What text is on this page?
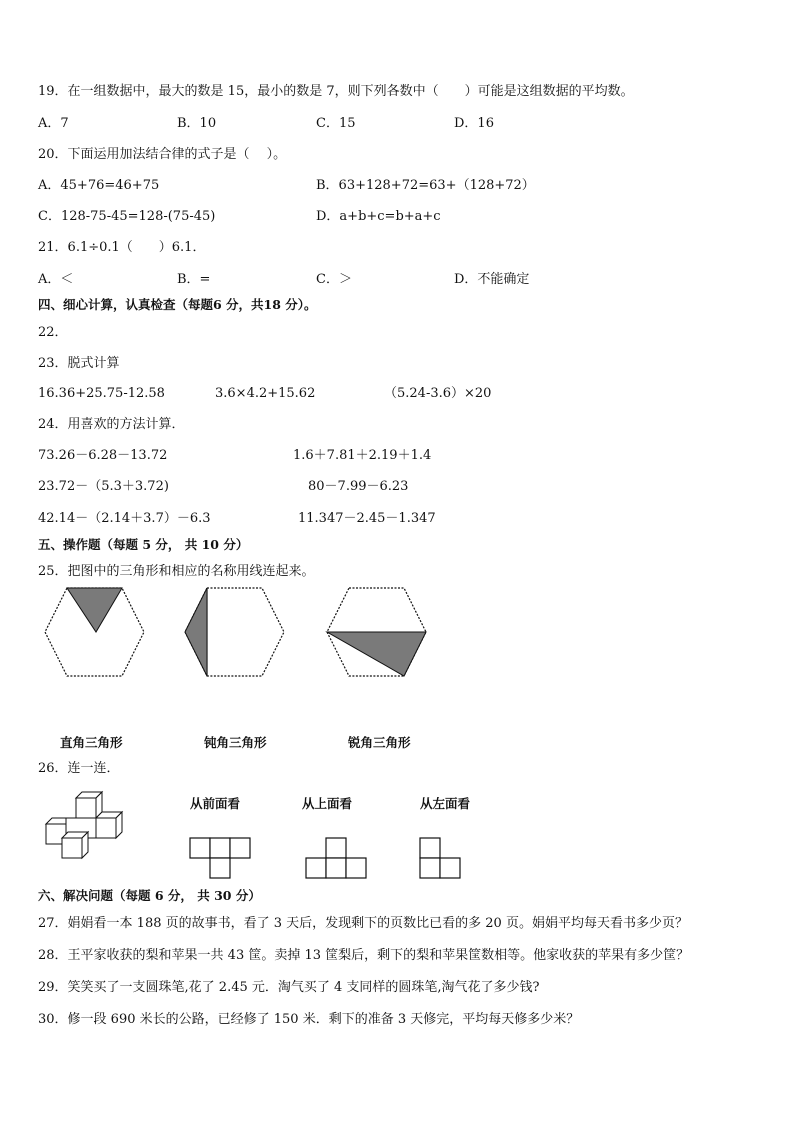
19．在一组数据中，最大的数是 15，最小的数是 7，则下列各数中（　　）可能是这组数据的平均数。
A．7	B．10	C．15	D．16
20．下面运用加法结合律的式子是（　 ）。
A．45+76=46+75	B．63+128+72=63+（128+72）
C．128-75-45=128-(75-45)	D．a+b+c=b+a+c
21．6.1÷0.1（　　）6.1．
A．＜	B．=	C．＞	D．不能确定
四、细心计算，认真检查（每题6 分，共18 分）。
22．
23．脱式计算
16.36+25.75-12.58	3.6×4.2+15.62	（5.24-3.6）×20
24．用喜欢的方法计算．
73.26－6.28－13.72	1.6＋7.81＋2.19＋1.4
23.72－（5.3＋3.72)	80－7.99－6.23
42.14－（2.14＋3.7）－6.3	11.347－2.45－1.347
五、操作题（每题 5 分， 共 10 分）
25．把图中的三角形和相应的名称用线连起来。
直角三角形	钝角三角形	锐角三角形
26．连一连．
从前面看	从上面看	从左面看
六、解决问题（每题 6 分， 共 30 分）
27．娟娟看一本 188 页的故事书，看了 3 天后，发现剩下的页数比已看的多 20 页。娟娟平均每天看书多少页？
28．王平家收获的梨和苹果一共 43 筐。卖掉 13 筐梨后，剩下的梨和苹果筐数相等。他家收获的苹果有多少筐？
29．笑笑买了一支圆珠笔,花了 2.45 元．淘气买了 4 支同样的圆珠笔,淘气花了多少钱?
30．修一段 690 米长的公路，已经修了 150 米．剩下的准备 3 天修完，平均每天修多少米？
